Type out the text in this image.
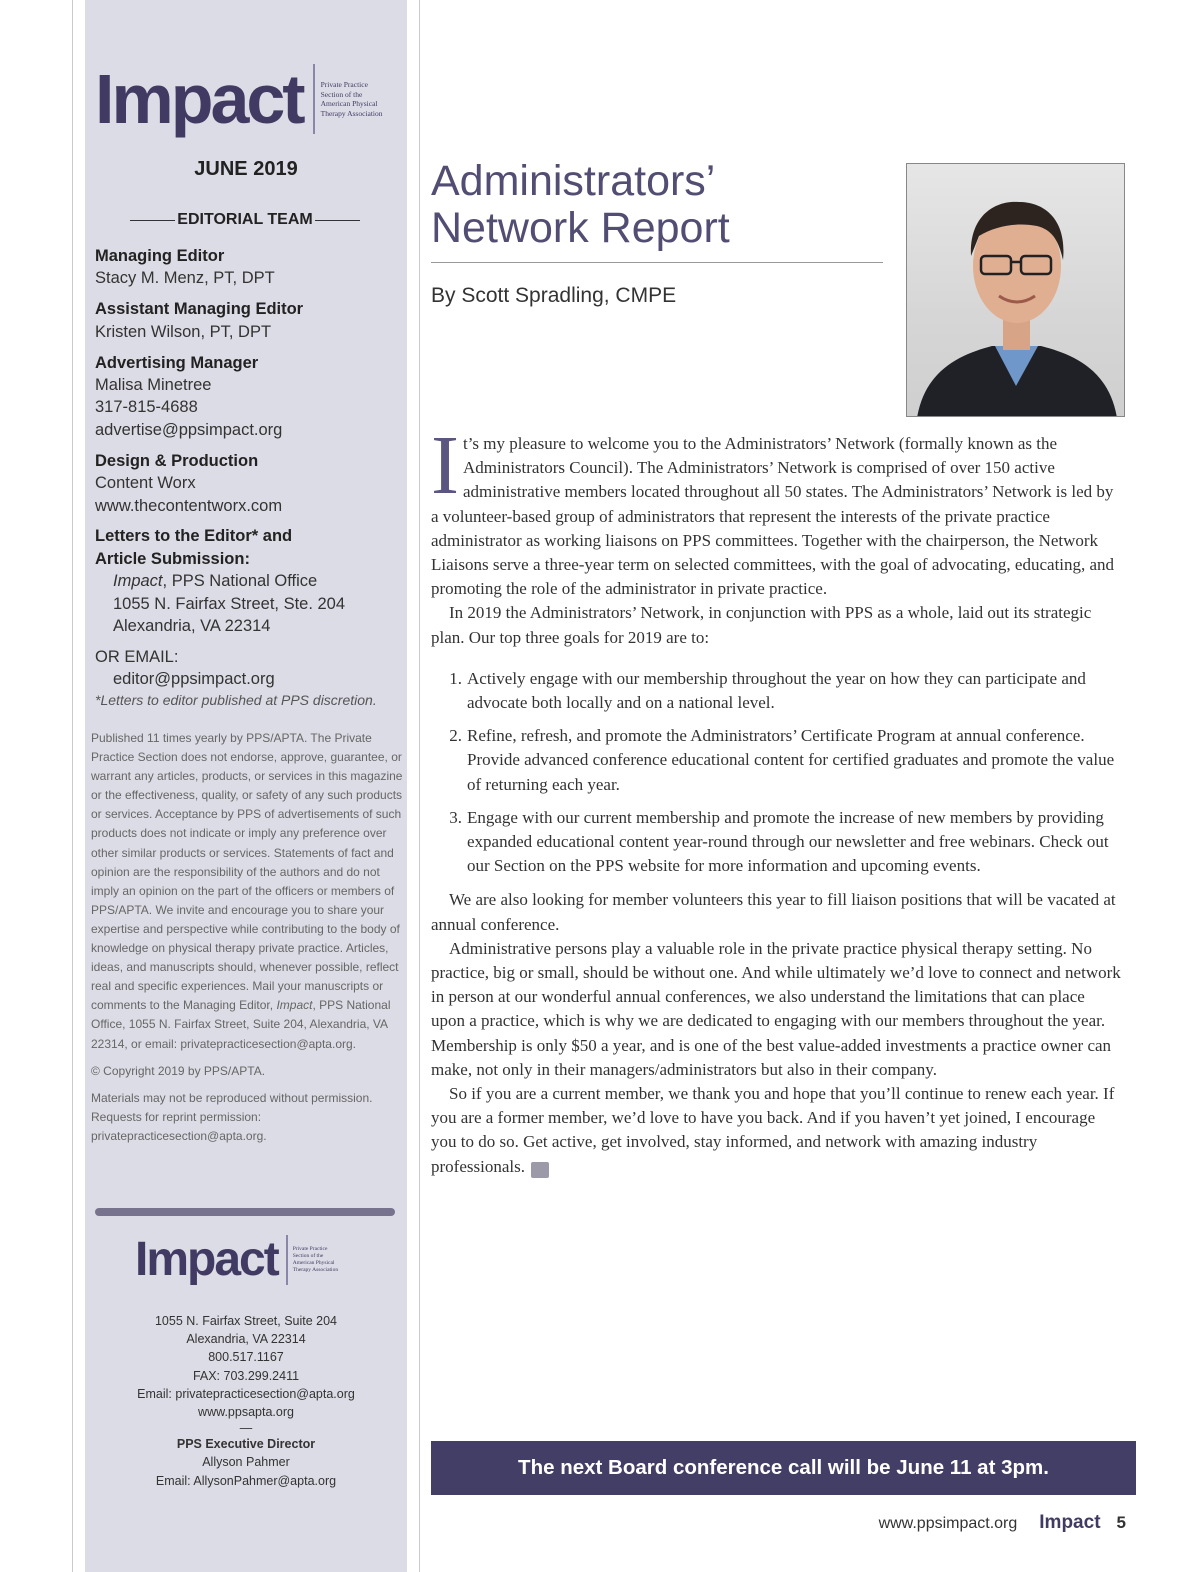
Impact Private Practice
Section of the
American Physical
Therapy Association
JUNE 2019
EDITORIAL TEAM
Managing Editor
Stacy M. Menz, PT, DPT
Assistant Managing Editor
Kristen Wilson, PT, DPT
Advertising Manager
Malisa Minetree
317-815-4688
advertise@ppsimpact.org
Design & Production
Content Worx
www.thecontentworx.com
Letters to the Editor* and
Article Submission:
Impact, PPS National Office
1055 N. Fairfax Street, Ste. 204
Alexandria, VA 22314
OR EMAIL:
editor@ppsimpact.org
*Letters to editor published at PPS discretion.

Published 11 times yearly by PPS/APTA. The Private Practice Section does not endorse, approve, guarantee, or warrant any articles, products, or services in this magazine or the effectiveness, quality, or safety of any such products or services. Acceptance by PPS of advertisements of such products does not indicate or imply any preference over other similar products or services. Statements of fact and opinion are the responsibility of the authors and do not imply an opinion on the part of the officers or members of PPS/APTA. We invite and encourage you to share your expertise and perspective while contributing to the body of knowledge on physical therapy private practice. Articles, ideas, and manuscripts should, whenever possible, reflect real and specific experiences. Mail your manuscripts or comments to the Managing Editor, Impact, PPS National Office, 1055 N. Fairfax Street, Suite 204, Alexandria, VA 22314, or email: privatepracticesection@apta.org.

© Copyright 2019 by PPS/APTA.

Materials may not be reproduced without permission. Requests for reprint permission: privatepracticesection@apta.org.

Impact	Private Practice
Section of the
American Physical
Therapy Association
1055 N. Fairfax Street, Suite 204
Alexandria, VA 22314
800.517.1167
FAX: 703.299.2411
Email: privatepracticesection@apta.org
www.ppsapta.org
—
PPS Executive Director
Allyson Pahmer
Email: AllysonPahmer@apta.org
Administrators’
Network Report
By Scott Spradling, CMPE

It’s my pleasure to welcome you to the Administrators’ Network (formally known as the Administrators Council). The Administrators’ Network is comprised of over 150 active administrative members located throughout all 50 states. The Administrators’ Network is led by a volunteer-based group of administrators that represent the interests of the private practice administrator as working liaisons on PPS committees. Together with the chairperson, the Network Liaisons serve a three-year term on selected committees, with the goal of advocating, educating, and promoting the role of the administrator in private practice.

In 2019 the Administrators’ Network, in conjunction with PPS as a whole, laid out its strategic plan. Our top three goals for 2019 are to:

1. Actively engage with our membership throughout the year on how they can participate and advocate both locally and on a national level.
2. Refine, refresh, and promote the Administrators’ Certificate Program at annual conference. Provide advanced conference educational content for certified graduates and promote the value of returning each year.
3. Engage with our current membership and promote the increase of new members by providing expanded educational content year-round through our newsletter and free webinars. Check out our Section on the PPS website for more information and upcoming events.

We are also looking for member volunteers this year to fill liaison positions that will be vacated at annual conference.

Administrative persons play a valuable role in the private practice physical therapy setting. No practice, big or small, should be without one. And while ultimately we’d love to connect and network in person at our wonderful annual conferences, we also understand the limitations that can place upon a practice, which is why we are dedicated to engaging with our members throughout the year. Membership is only $50 a year, and is one of the best value-added investments a practice owner can make, not only in their managers/administrators but also in their company.

So if you are a current member, we thank you and hope that you’ll continue to renew each year. If you are a former member, we’d love to have you back. And if you haven’t yet joined, I encourage you to do so. Get active, get involved, stay informed, and network with amazing industry professionals. I

The next Board conference call will be June 11 at 3pm.
www.ppsimpact.org Impact 5
